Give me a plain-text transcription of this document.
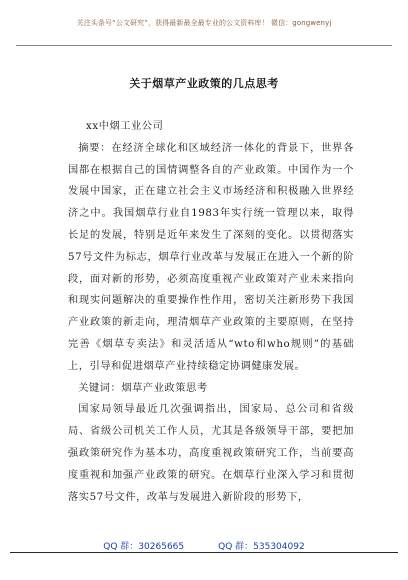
关注头条号“公文研究”，获得最新最全最专业的公文资料库！ 微信：gongwenyj
关于烟草产业政策的几点思考

xx中烟工业公司

摘要：在经济全球化和区域经济一体化的背景下，世界各国都在根据自己的国情调整各自的产业政策。中国作为一个发展中国家，正在建立社会主义市场经济和积极融入世界经济之中。我国烟草行业自1983年实行统一管理以来，取得长足的发展，特别是近年来发生了深刻的变化。以贯彻落实57号文件为标志，烟草行业改革与发展正在进入一个新的阶段，面对新的形势，必须高度重视产业政策对产业未来指向和现实问题解决的重要操作性作用，密切关注新形势下我国产业政策的新走向，理清烟草产业政策的主要原则，在坚持完善《烟草专卖法》和灵活适从“wto和who规则”的基础上，引导和促进烟草产业持续稳定协调健康发展。

关键词：烟草产业政策思考

国家局领导最近几次强调指出，国家局、总公司和省级局、省级公司机关工作人员，尤其是各级领导干部，要把加强政策研究作为基本功，高度重视政策研究工作，当前要高度重视和加强产业政策的研究。在烟草行业深入学习和贯彻落实57号文件，改革与发展进入新阶段的形势下，

QQ 群：30265665	QQ 群：535304092
